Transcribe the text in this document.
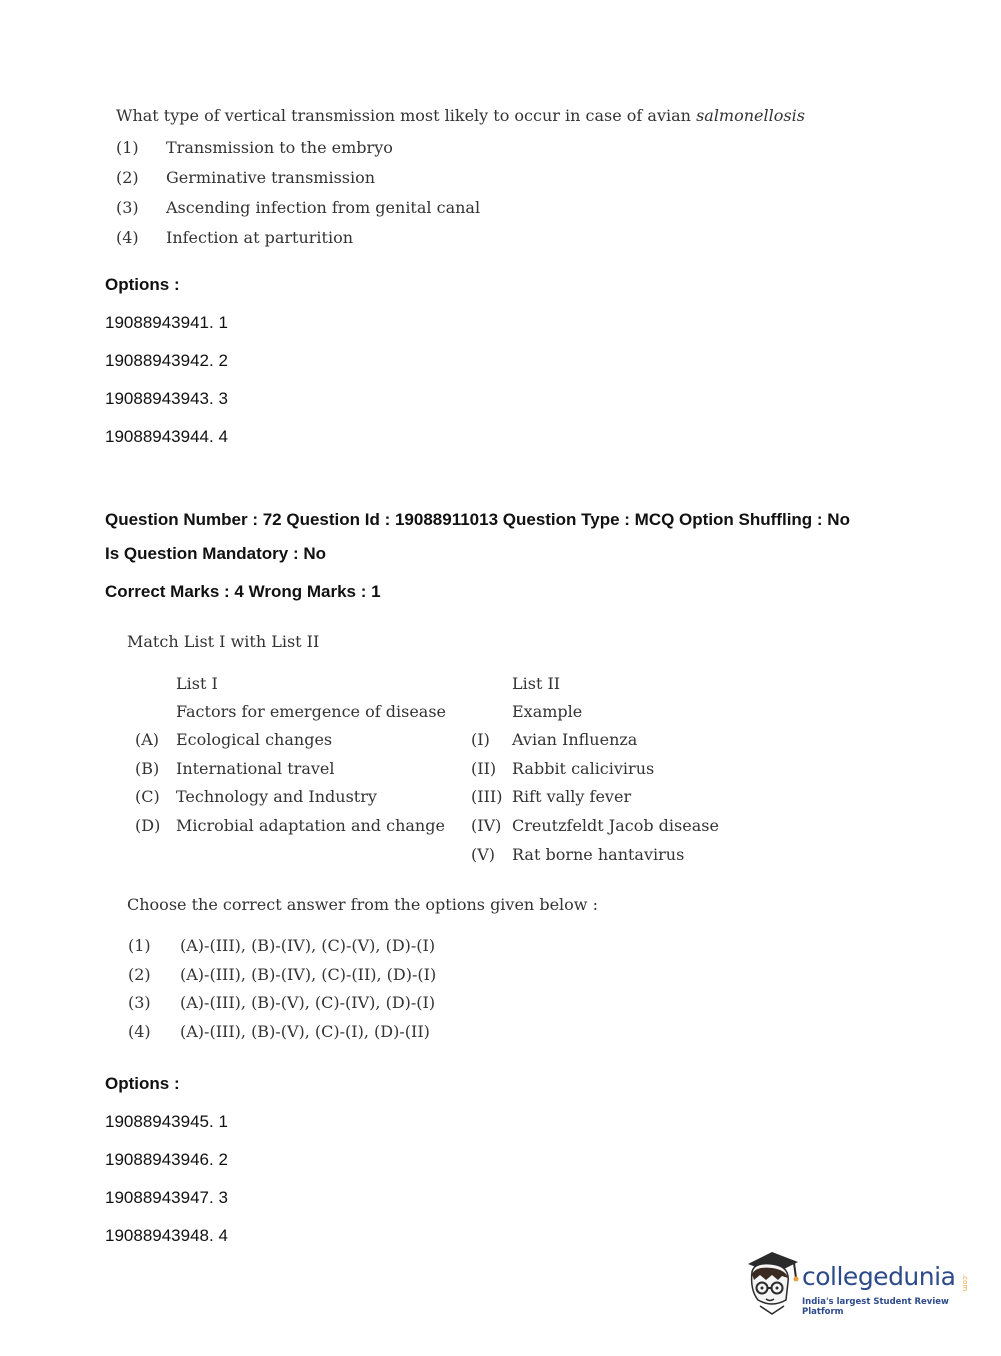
What type of vertical transmission most likely to occur in case of avian salmonellosis
(1) Transmission to the embryo
(2) Germinative transmission
(3) Ascending infection from genital canal
(4) Infection at parturition
Options :
19088943941. 1
19088943942. 2
19088943943. 3
19088943944. 4
Question Number : 72 Question Id : 19088911013 Question Type : MCQ Option Shuffling : No
Is Question Mandatory : No
Correct Marks : 4 Wrong Marks : 1
Match List I with List II
List I	List II
Factors for emergence of disease	Example
(A) Ecological changes	(I) Avian Influenza
(B) International travel	(II) Rabbit calicivirus
(C) Technology and Industry	(III) Rift vally fever
(D) Microbial adaptation and change (IV) Creutzfeldt Jacob disease
(V) Rat borne hantavirus
Choose the correct answer from the options given below :
(1) (A)-(III), (B)-(IV), (C)-(V), (D)-(I)
(2) (A)-(III), (B)-(IV), (C)-(II), (D)-(I)
(3) (A)-(III), (B)-(V), (C)-(IV), (D)-(I)
(4) (A)-(III), (B)-(V), (C)-(I), (D)-(II)
Options :
19088943945. 1
19088943946. 2
19088943947. 3
19088943948. 4
collegedunia .com
India's largest Student Review Platform
